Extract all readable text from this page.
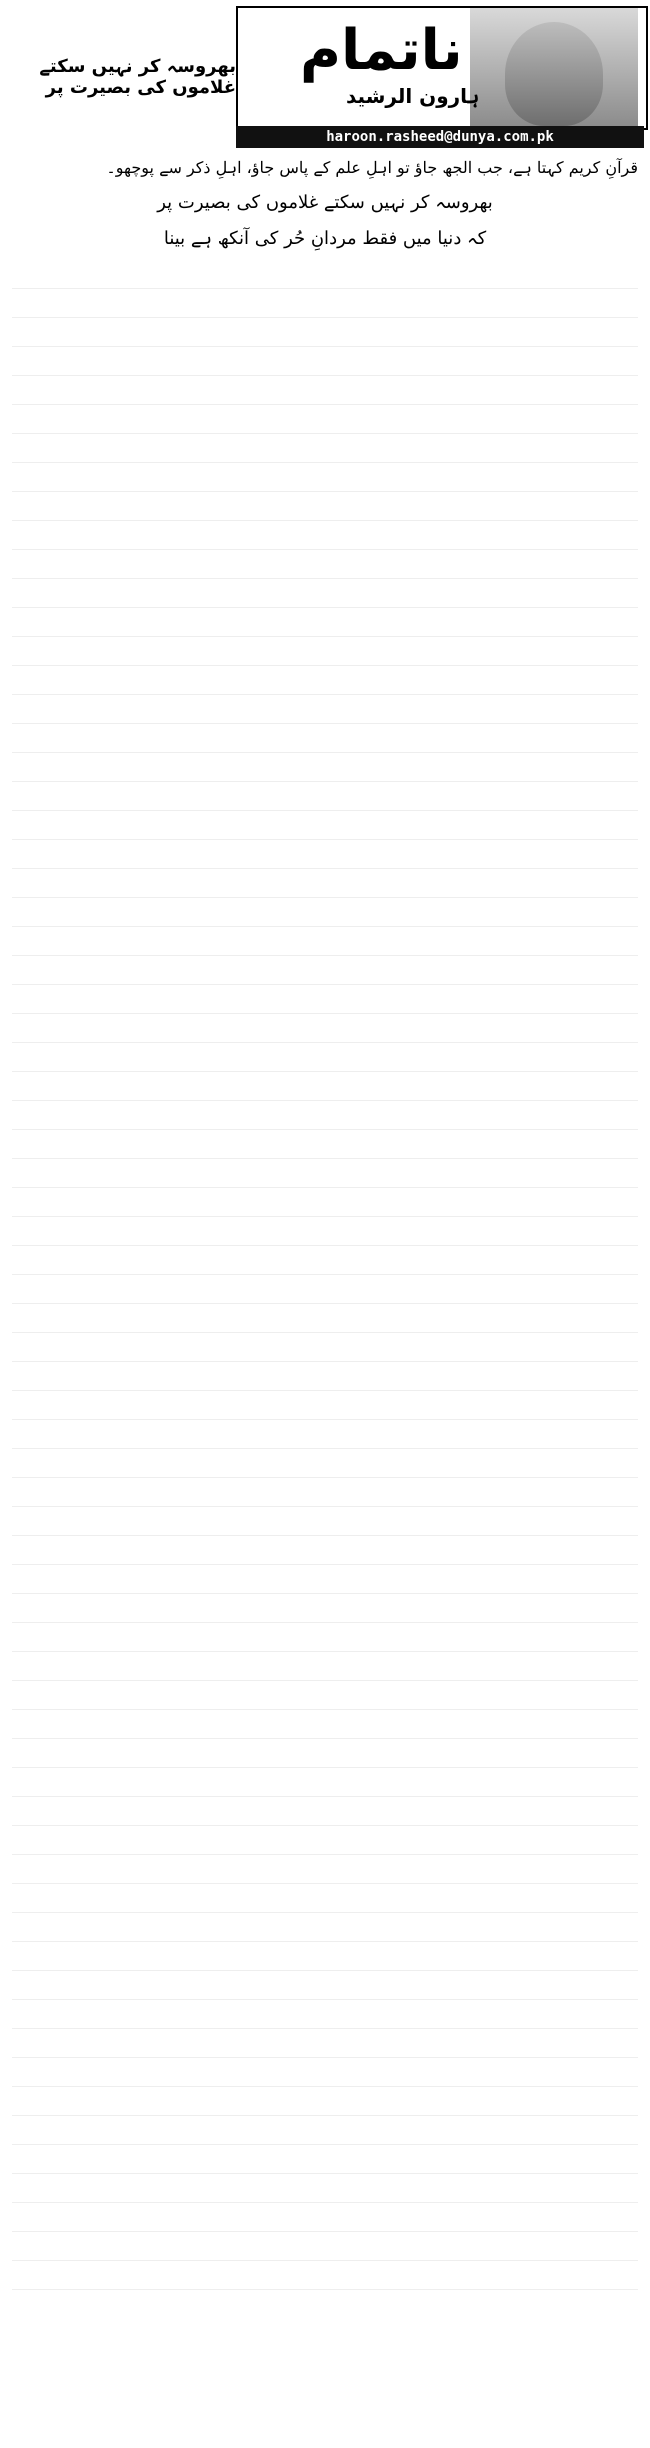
ناتمام
ہارون الرشید
haroon.rasheed@dunya.com.pk
بھروسہ کر نہیں سکتے غلاموں کی بصیرت پر
قرآنِ کریم کہتا ہے، جب الجھ جاؤ تو اہلِ علم کے پاس جاؤ، اہلِ ذکر سے پوچھو۔
بھروسہ کر نہیں سکتے غلاموں کی بصیرت پر
کہ دنیا میں فقط مردانِ حُر کی آنکھ ہے بینا
